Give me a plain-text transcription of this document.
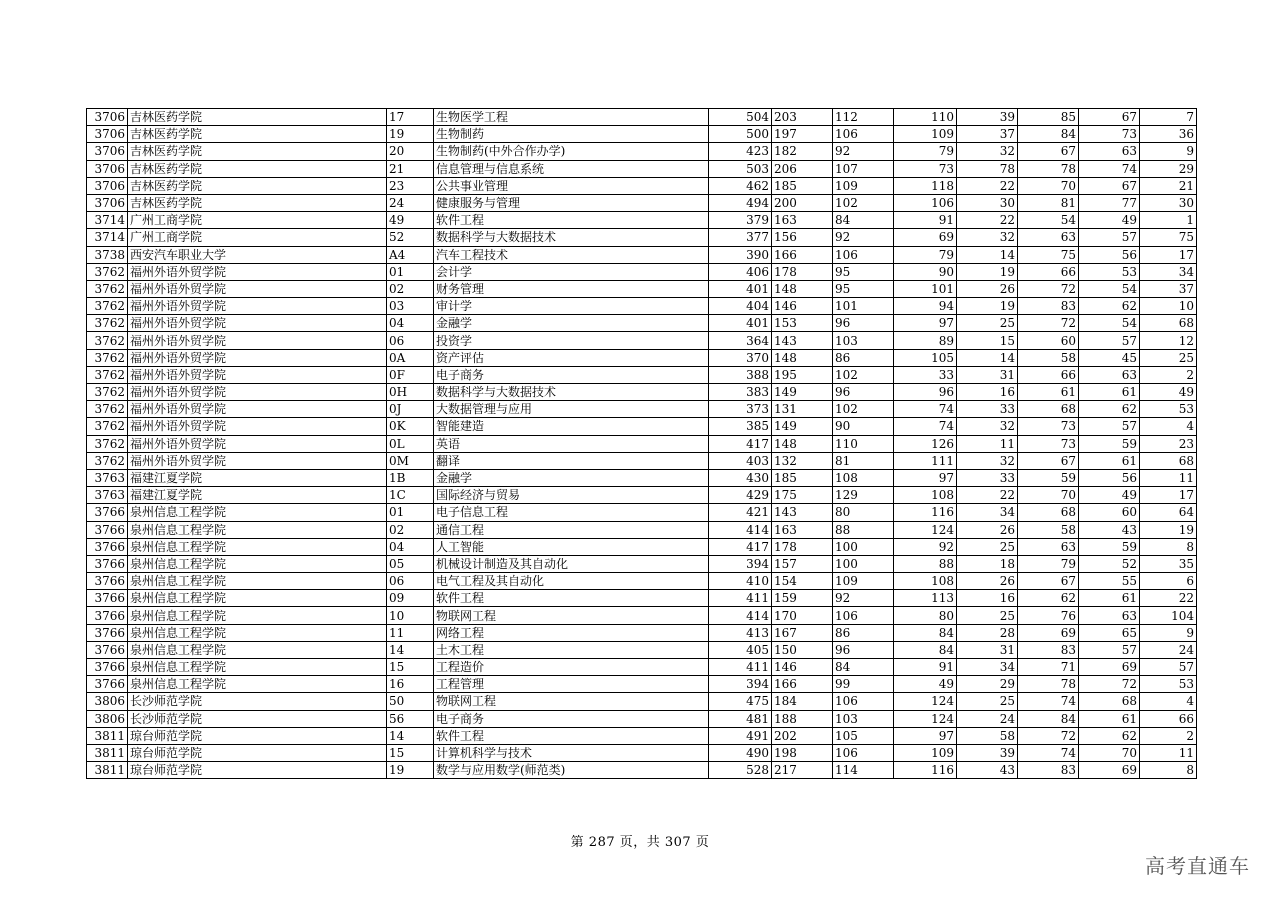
3706	吉林医药学院	17	生物医学工程	504	203	112	110	39	85	67	7
3706	吉林医药学院	19	生物制药	500	197	106	109	37	84	73	36
3706	吉林医药学院	20	生物制药(中外合作办学)	423	182	92	79	32	67	63	9
3706	吉林医药学院	21	信息管理与信息系统	503	206	107	73	78	78	74	29
3706	吉林医药学院	23	公共事业管理	462	185	109	118	22	70	67	21
3706	吉林医药学院	24	健康服务与管理	494	200	102	106	30	81	77	30
3714	广州工商学院	49	软件工程	379	163	84	91	22	54	49	1
3714	广州工商学院	52	数据科学与大数据技术	377	156	92	69	32	63	57	75
3738	西安汽车职业大学	A4	汽车工程技术	390	166	106	79	14	75	56	17
3762	福州外语外贸学院	01	会计学	406	178	95	90	19	66	53	34
3762	福州外语外贸学院	02	财务管理	401	148	95	101	26	72	54	37
3762	福州外语外贸学院	03	审计学	404	146	101	94	19	83	62	10
3762	福州外语外贸学院	04	金融学	401	153	96	97	25	72	54	68
3762	福州外语外贸学院	06	投资学	364	143	103	89	15	60	57	12
3762	福州外语外贸学院	0A	资产评估	370	148	86	105	14	58	45	25
3762	福州外语外贸学院	0F	电子商务	388	195	102	33	31	66	63	2
3762	福州外语外贸学院	0H	数据科学与大数据技术	383	149	96	96	16	61	61	49
3762	福州外语外贸学院	0J	大数据管理与应用	373	131	102	74	33	68	62	53
3762	福州外语外贸学院	0K	智能建造	385	149	90	74	32	73	57	4
3762	福州外语外贸学院	0L	英语	417	148	110	126	11	73	59	23
3762	福州外语外贸学院	0M	翻译	403	132	81	111	32	67	61	68
3763	福建江夏学院	1B	金融学	430	185	108	97	33	59	56	11
3763	福建江夏学院	1C	国际经济与贸易	429	175	129	108	22	70	49	17
3766	泉州信息工程学院	01	电子信息工程	421	143	80	116	34	68	60	64
3766	泉州信息工程学院	02	通信工程	414	163	88	124	26	58	43	19
3766	泉州信息工程学院	04	人工智能	417	178	100	92	25	63	59	8
3766	泉州信息工程学院	05	机械设计制造及其自动化	394	157	100	88	18	79	52	35
3766	泉州信息工程学院	06	电气工程及其自动化	410	154	109	108	26	67	55	6
3766	泉州信息工程学院	09	软件工程	411	159	92	113	16	62	61	22
3766	泉州信息工程学院	10	物联网工程	414	170	106	80	25	76	63	104
3766	泉州信息工程学院	11	网络工程	413	167	86	84	28	69	65	9
3766	泉州信息工程学院	14	土木工程	405	150	96	84	31	83	57	24
3766	泉州信息工程学院	15	工程造价	411	146	84	91	34	71	69	57
3766	泉州信息工程学院	16	工程管理	394	166	99	49	29	78	72	53
3806	长沙师范学院	50	物联网工程	475	184	106	124	25	74	68	4
3806	长沙师范学院	56	电子商务	481	188	103	124	24	84	61	66
3811	琼台师范学院	14	软件工程	491	202	105	97	58	72	62	2
3811	琼台师范学院	15	计算机科学与技术	490	198	106	109	39	74	70	11
3811	琼台师范学院	19	数学与应用数学(师范类)	528	217	114	116	43	83	69	8
第 287 页，共 307 页
高考直通车
